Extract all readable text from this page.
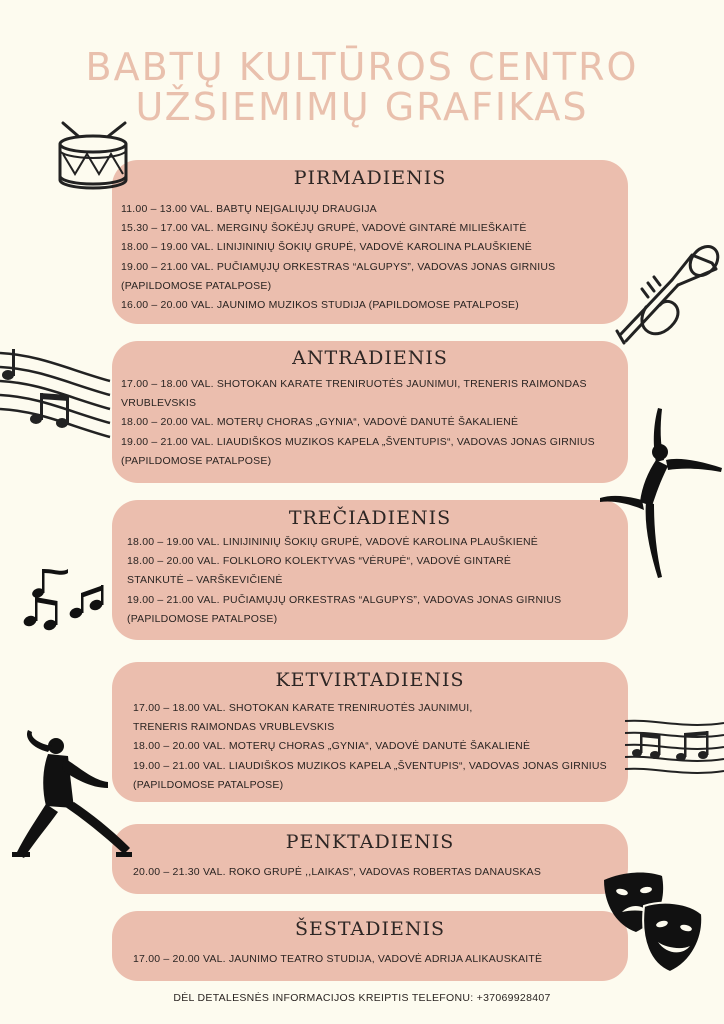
BABTŲ KULTŪROS CENTRO
UŽSIEMIMŲ GRAFIKAS
PIRMADIENIS
11.00 – 13.00 VAL. BABTŲ NEĮGALIŲJŲ DRAUGIJA
15.30 – 17.00 VAL. MERGINŲ ŠOKĖJŲ GRUPĖ, VADOVĖ GINTARĖ MILIEŠKAITĖ
18.00 – 19.00 VAL. LINIJININIŲ ŠOKIŲ GRUPĖ, VADOVĖ KAROLINA PLAUŠKIENĖ
19.00 – 21.00 VAL. PUČIAMŲJŲ ORKESTRAS “ALGUPYS”, VADOVAS JONAS GIRNIUS
(PAPILDOMOSE PATALPOSE)
16.00 – 20.00 VAL. JAUNIMO MUZIKOS STUDIJA (PAPILDOMOSE PATALPOSE)
ANTRADIENIS
17.00 – 18.00 VAL. SHOTOKAN KARATE TRENIRUOTĖS JAUNIMUI, TRENERIS RAIMONDAS
VRUBLEVSKIS
18.00 – 20.00 VAL. MOTERŲ CHORAS „GYNIA“, VADOVĖ DANUTĖ ŠAKALIENĖ
19.00 – 21.00 VAL. LIAUDIŠKOS MUZIKOS KAPELA „ŠVENTUPIS“, VADOVAS JONAS GIRNIUS
(PAPILDOMOSE PATALPOSE)
TREČIADIENIS
18.00 – 19.00 VAL. LINIJININIŲ ŠOKIŲ GRUPĖ, VADOVĖ KAROLINA PLAUŠKIENĖ
18.00 – 20.00 VAL. FOLKLORO KOLEKTYVAS “VĖRUPĖ“, VADOVĖ GINTARĖ
STANKUTĖ – VARŠKEVIČIENĖ
19.00 – 21.00 VAL. PUČIAMŲJŲ ORKESTRAS “ALGUPYS”, VADOVAS JONAS GIRNIUS
(PAPILDOMOSE PATALPOSE)
KETVIRTADIENIS
17.00 – 18.00 VAL. SHOTOKAN KARATE TRENIRUOTĖS JAUNIMUI,
TRENERIS RAIMONDAS VRUBLEVSKIS
18.00 – 20.00 VAL. MOTERŲ CHORAS „GYNIA“, VADOVĖ DANUTĖ ŠAKALIENĖ
19.00 – 21.00 VAL. LIAUDIŠKOS MUZIKOS KAPELA „ŠVENTUPIS“, VADOVAS JONAS GIRNIUS
(PAPILDOMOSE PATALPOSE)
PENKTADIENIS
20.00 – 21.30 VAL. ROKO GRUPĖ ,,LAIKAS”, VADOVAS ROBERTAS DANAUSKAS
ŠESTADIENIS
17.00 – 20.00 VAL. JAUNIMO TEATRO STUDIJA, VADOVĖ ADRIJA ALIKAUSKAITĖ
DĖL DETALESNĖS INFORMACIJOS KREIPTIS TELEFONU: +37069928407
